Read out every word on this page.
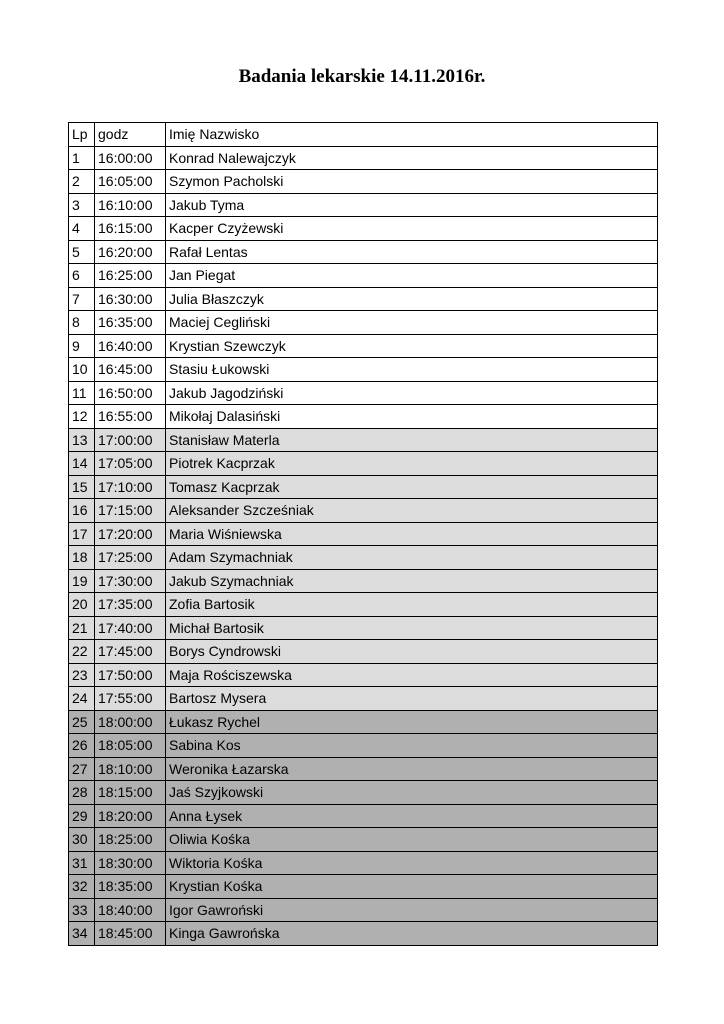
Badania lekarskie 14.11.2016r.
Lp	godz	Imię Nazwisko
1	16:00:00	Konrad Nalewajczyk
2	16:05:00	Szymon Pacholski
3	16:10:00	Jakub Tyma
4	16:15:00	Kacper Czyżewski
5	16:20:00	Rafał Lentas
6	16:25:00	Jan Piegat
7	16:30:00	Julia Błaszczyk
8	16:35:00	Maciej Cegliński
9	16:40:00	Krystian Szewczyk
10	16:45:00	Stasiu Łukowski
11	16:50:00	Jakub Jagodziński
12	16:55:00	Mikołaj Dalasiński
13	17:00:00	Stanisław Materla
14	17:05:00	Piotrek Kacprzak
15	17:10:00	Tomasz Kacprzak
16	17:15:00	Aleksander Szcześniak
17	17:20:00	Maria Wiśniewska
18	17:25:00	Adam Szymachniak
19	17:30:00	Jakub Szymachniak
20	17:35:00	Zofia Bartosik
21	17:40:00	Michał Bartosik
22	17:45:00	Borys Cyndrowski
23	17:50:00	Maja Rościszewska
24	17:55:00	Bartosz Mysera
25	18:00:00	Łukasz Rychel
26	18:05:00	Sabina Kos
27	18:10:00	Weronika Łazarska
28	18:15:00	Jaś Szyjkowski
29	18:20:00	Anna Łysek
30	18:25:00	Oliwia Kośka
31	18:30:00	Wiktoria Kośka
32	18:35:00	Krystian Kośka
33	18:40:00	Igor Gawroński
34	18:45:00	Kinga Gawrońska
